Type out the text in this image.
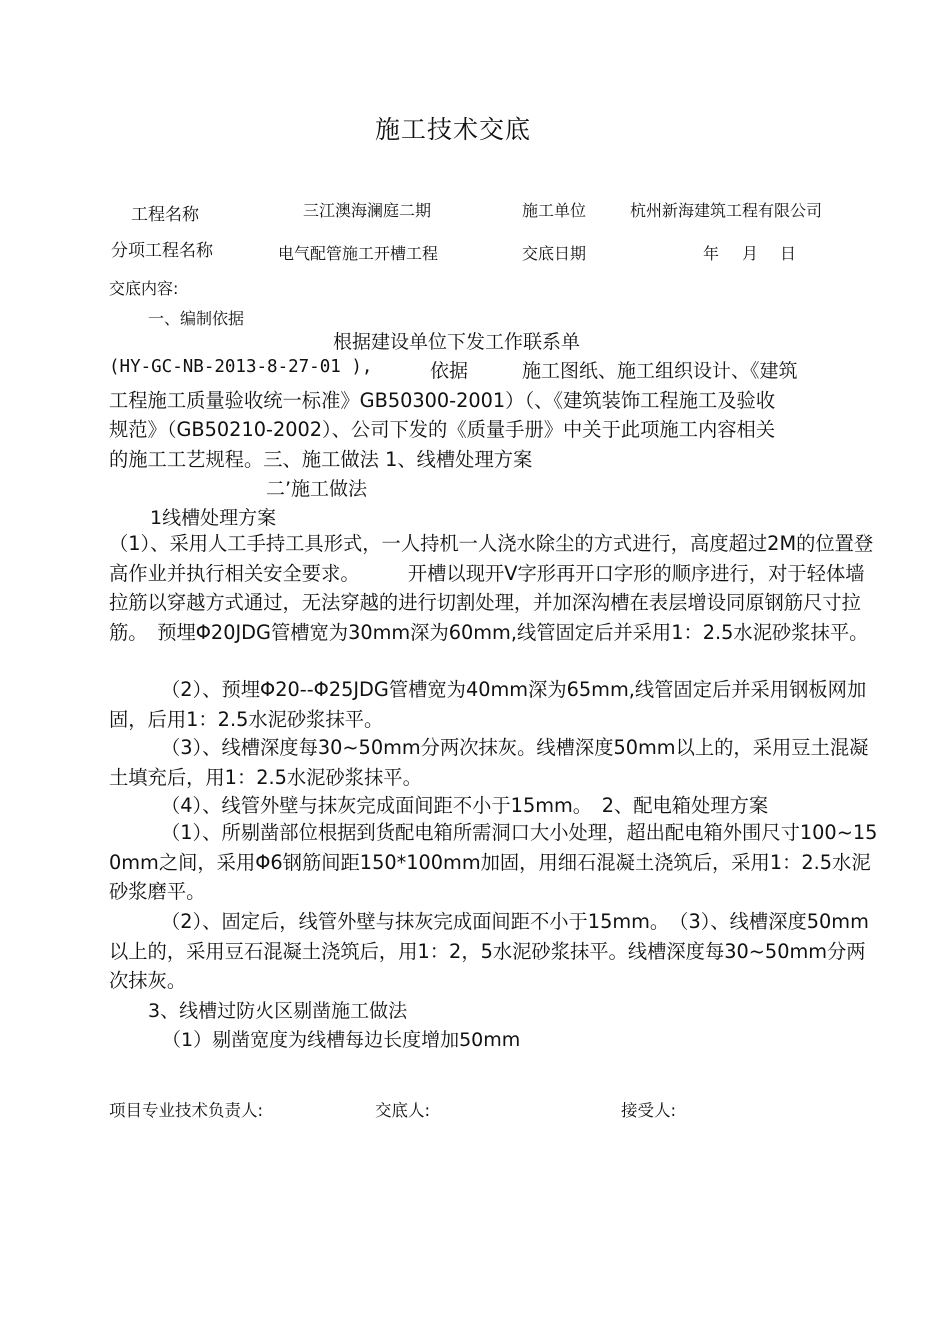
施工技术交底
工程名称	三江澳海澜庭二期	施工单位	杭州新海建筑工程有限公司
分项工程名称	电气配管施工开槽工程	交底日期	年 月 日
交底内容:
一、编制依据
根据建设单位下发工作联系单
(HY-GC-NB-2013-8-27-01 ),	依据	施工图纸、施工组织设计、《建筑
工程施工质量验收统一标准》GB50300-2001）（、《建筑装饰工程施工及验收
规范》（GB50210-2002）、公司下发的《质量手册》中关于此项施工内容相关
的施工工艺规程。三、施工做法 1、线槽处理方案
二’施工做法
1线槽处理方案
（1）、采用人工手持工具形式，一人持机一人浇水除尘的方式进行，高度超过2M的位置登高作业并执行相关安全要求。　　　开槽以现开V字形再开口字形的顺序进行，对于轻体墙拉筋以穿越方式通过，无法穿越的进行切割处理，并加深沟槽在表层增设同原钢筋尺寸拉筋。　预埋Φ20JDG管槽宽为30mm深为60mm,线管固定后并采用1：2.5水泥砂浆抹平。
（2）、预埋Φ20--Φ25JDG管槽宽为40mm深为65mm,线管固定后并采用钢板网加固，后用1：2.5水泥砂浆抹平。
（3）、线槽深度每30~50mm分两次抹灰。线槽深度50mm以上的，采用豆土混凝土填充后，用1：2.5水泥砂浆抹平。
（4）、线管外壁与抹灰完成面间距不小于15mm。　2、配电箱处理方案
（1）、所剔凿部位根据到货配电箱所需洞口大小处理，超出配电箱外围尺寸100~150mm之间，采用Φ6钢筋间距150*100mm加固，用细石混凝土浇筑后，采用1：2.5水泥砂浆磨平。
（2）、固定后，线管外壁与抹灰完成面间距不小于15mm。　（3）、线槽深度50mm以上的，采用豆石混凝土浇筑后，用1：2，5水泥砂浆抹平。线槽深度每30~50mm分两次抹灰。
3、线槽过防火区剔凿施工做法
（1）剔凿宽度为线槽每边长度增加50mm
项目专业技术负责人:	交底人:	接受人:
